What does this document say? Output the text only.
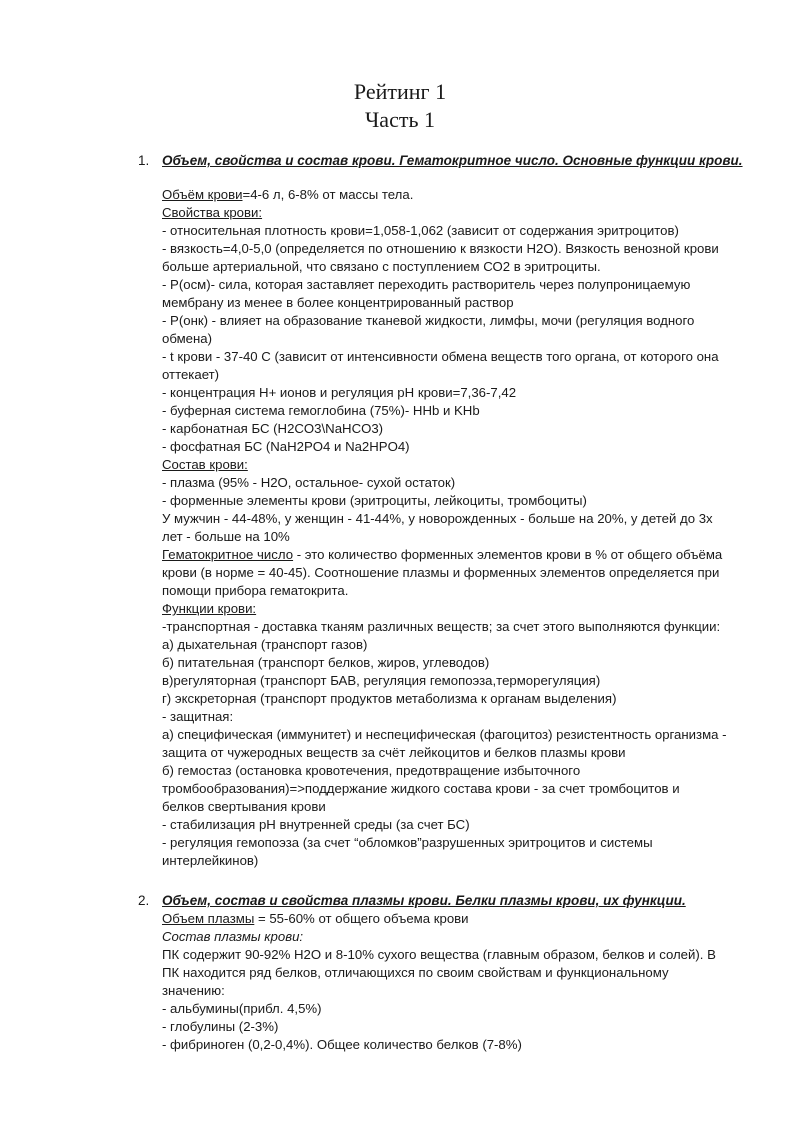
Рейтинг 1
Часть 1
1. Объем, свойства и состав крови. Гематокритное число. Основные функции крови.
Объём крови=4-6 л, 6-8% от массы тела.
Свойства крови:
- относительная плотность крови=1,058-1,062 (зависит от содержания эритроцитов)
- вязкость=4,0-5,0 (определяется по отношению к вязкости Н2О). Вязкость венозной крови
больше артериальной, что связано с поступлением СО2 в эритроциты.
- P(осм)- сила, которая заставляет переходить растворитель через полупроницаемую
мембрану из менее в более концентрированный раствор
- P(онк) - влияет на образование тканевой жидкости, лимфы, мочи (регуляция водного
обмена)
- t крови - 37-40 С (зависит от интенсивности обмена веществ того органа, от которого она
оттекает)
- концентрация Н+ ионов и регуляция рН крови=7,36-7,42
- буферная система гемоглобина (75%)- HHb и KHb
- карбонатная БС (H2CO3\NaHCO3)
- фосфатная БС (NaH2PO4 и Na2HPO4)
Состав крови:
- плазма (95% - Н2О, остальное- сухой остаток)
- форменные элементы крови (эритроциты, лейкоциты, тромбоциты)
У мужчин - 44-48%, у женщин - 41-44%, у новорожденных - больше на 20%, у детей до 3х
лет - больше на 10%
Гематокритное число - это количество форменных элементов крови в % от общего объёма
крови (в норме = 40-45). Соотношение плазмы и форменных элементов определяется при
помощи прибора гематокрита.
Функции крови:
-транспортная - доставка тканям различных веществ; за счет этого выполняются функции:
а) дыхательная (транспорт газов)
б) питательная (транспорт белков, жиров, углеводов)
в)регуляторная (транспорт БАВ, регуляция гемопоэза,терморегуляция)
г) экскреторная (транспорт продуктов метаболизма к органам выделения)
- защитная:
а) специфическая (иммунитет) и неспецифическая (фагоцитоз) резистентность организма -
защита от чужеродных веществ за счёт лейкоцитов и белков плазмы крови
б) гемостаз (остановка кровотечения, предотвращение избыточного
тромбообразования)=>поддержание жидкого состава крови - за счет тромбоцитов и
белков свертывания крови
- стабилизация рН внутренней среды (за счет БС)
- регуляция гемопоэза (за счет “обломков”разрушенных эритроцитов и системы
интерлейкинов)
2. Объем, состав и свойства плазмы крови. Белки плазмы крови, их функции.
Объем плазмы = 55-60% от общего объема крови
Состав плазмы крови:
ПК содержит 90-92% Н2О и 8-10% сухого вещества (главным образом, белков и солей). В
ПК находится ряд белков, отличающихся по своим свойствам и функциональному
значению:
- альбумины(прибл. 4,5%)
- глобулины (2-3%)
- фибриноген (0,2-0,4%). Общее количество белков (7-8%)
